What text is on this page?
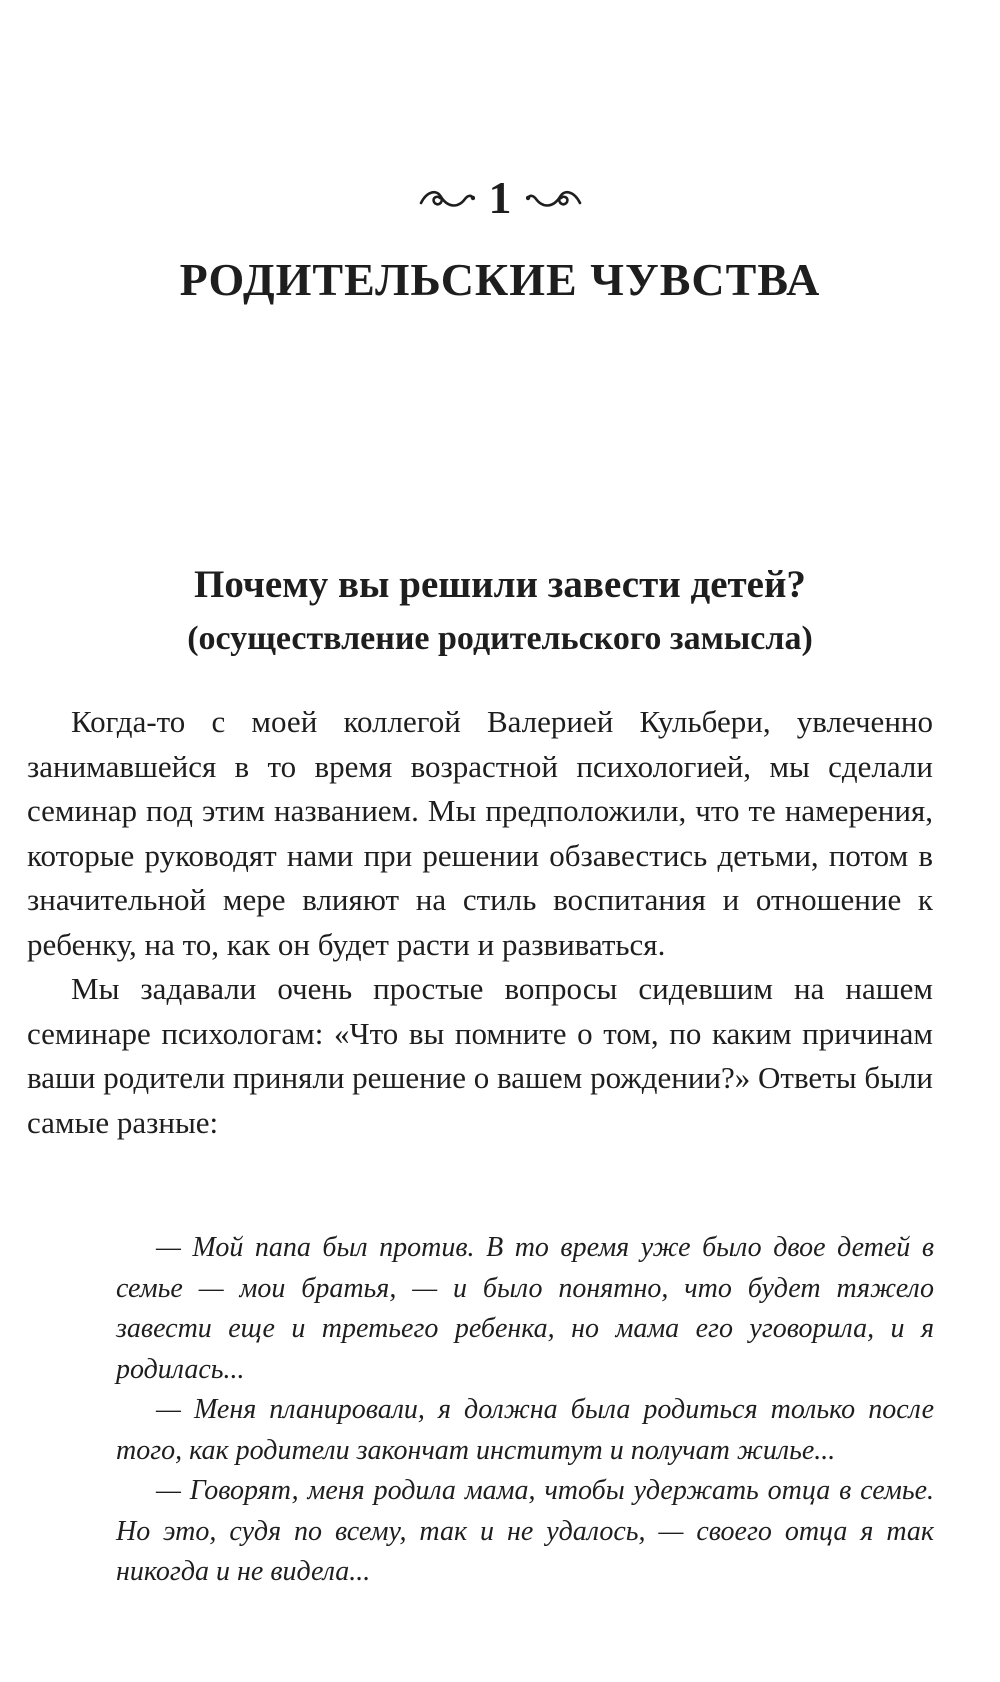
1
РОДИТЕЛЬСКИЕ ЧУВСТВА
Почему вы решили завести детей?
(осуществление родительского замысла)

Когда-то с моей коллегой Валерией Кульбери, увлеченно занимавшейся в то время возрастной психологией, мы сделали семинар под этим названием. Мы предположили, что те намерения, которые руководят нами при решении обзавестись детьми, потом в значительной мере влияют на стиль воспитания и отношение к ребенку, на то, как он будет расти и развиваться.

Мы задавали очень простые вопросы сидевшим на нашем семинаре психологам: «Что вы помните о том, по каким причинам ваши родители приняли решение о вашем рождении?» Ответы были самые разные:

— Мой папа был против. В то время уже было двое детей в семье — мои братья, — и было понятно, что будет тяжело завести еще и третьего ребенка, но мама его уговорила, и я родилась...

— Меня планировали, я должна была родиться только после того, как родители закончат институт и получат жилье...

— Говорят, меня родила мама, чтобы удержать отца в семье. Но это, судя по всему, так и не удалось, — своего отца я так никогда и не видела...
